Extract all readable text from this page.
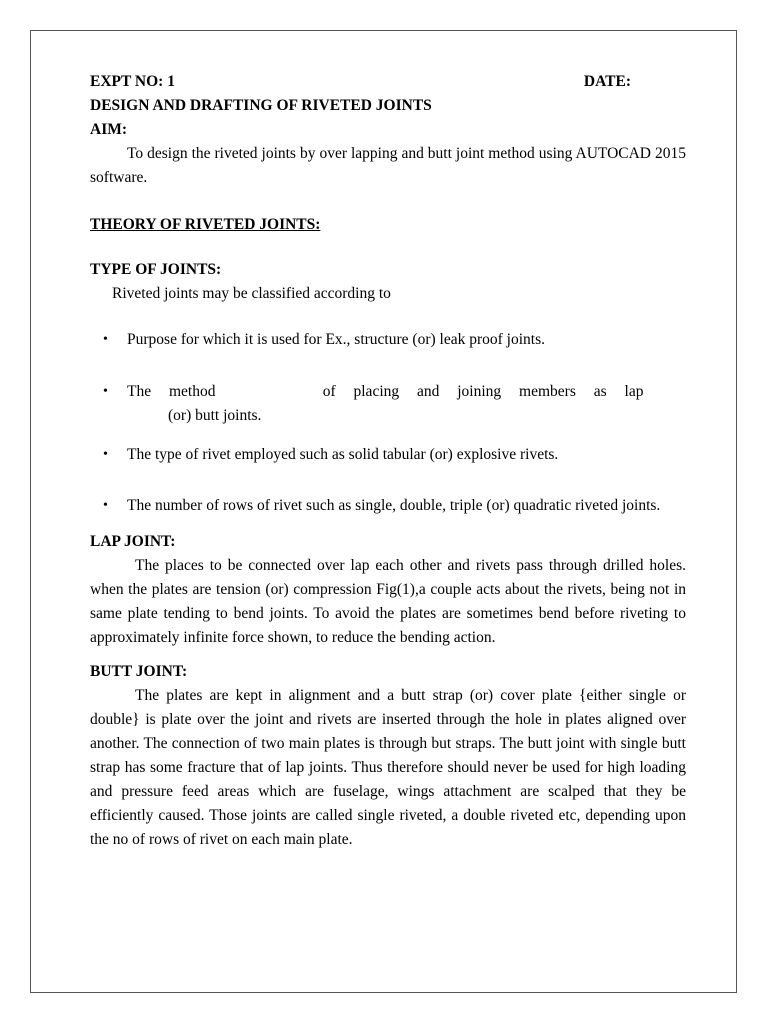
EXPT NO: 1	DATE:

DESIGN AND DRAFTING OF RIVETED JOINTS

AIM:

To design the riveted joints by over lapping and butt joint method using AUTOCAD 2015 software.

THEORY OF RIVETED JOINTS:

TYPE OF JOINTS:

Riveted joints may be classified according to

• Purpose for which it is used for Ex., structure (or) leak proof joints.
• The method      of placing and joining members as lap
(or) butt joints.
• The type of rivet employed such as solid tabular (or) explosive rivets.
• The number of rows of rivet such as single, double, triple (or) quadratic riveted joints.

LAP JOINT:

The places to be connected over lap each other and rivets pass through drilled holes. when the plates are tension (or) compression Fig(1),a couple acts about the rivets, being not in same plate tending to bend joints. To avoid the plates are sometimes bend before riveting to approximately infinite force shown, to reduce the bending action.

BUTT JOINT:

The plates are kept in alignment and a butt strap (or) cover plate {either single or double} is plate over the joint and rivets are inserted through the hole in plates aligned over another. The connection of two main plates is through but straps. The butt joint with single butt strap has some fracture that of lap joints. Thus therefore should never be used for high loading and pressure feed areas which are fuselage, wings attachment are scalped that they be efficiently caused. Those joints are called single riveted, a double riveted etc, depending upon the no of rows of rivet on each main plate.
